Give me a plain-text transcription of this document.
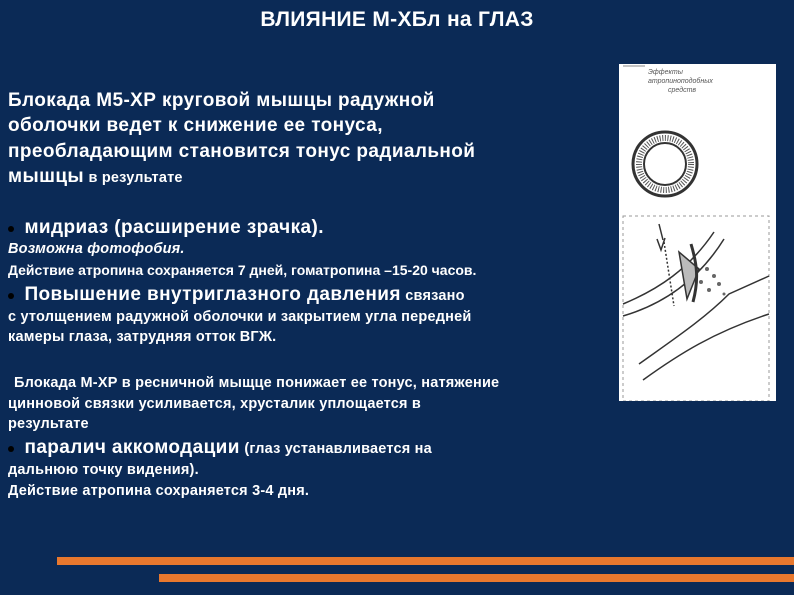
ВЛИЯНИЕ М-ХБл на ГЛАЗ
Блокада М5‑ХР круговой мышцы радужной
оболочки ведет к снижение ее тонуса,
преобладающим становится тонус радиальной
мышцы в результате
мидриаз (расширение зрачка).
Возможна фотофобия.
Действие атропина сохраняется 7 дней, гоматропина –15‑20 часов.
Повышение внутриглазного давления связано
с утолщением радужной оболочки и закрытием угла передней
камеры глаза, затрудняя отток ВГЖ.
Блокада М‑ХР в ресничной мыщце понижает ее тонус, натяжение
цинновой связки усиливается, хрусталик уплощается в
результате
паралич аккомодации (глаз устанавливается на
дальнюю точку видения).
Действие атропина сохраняется 3‑4 дня.
Эффекты
атропиноподобных
средств
